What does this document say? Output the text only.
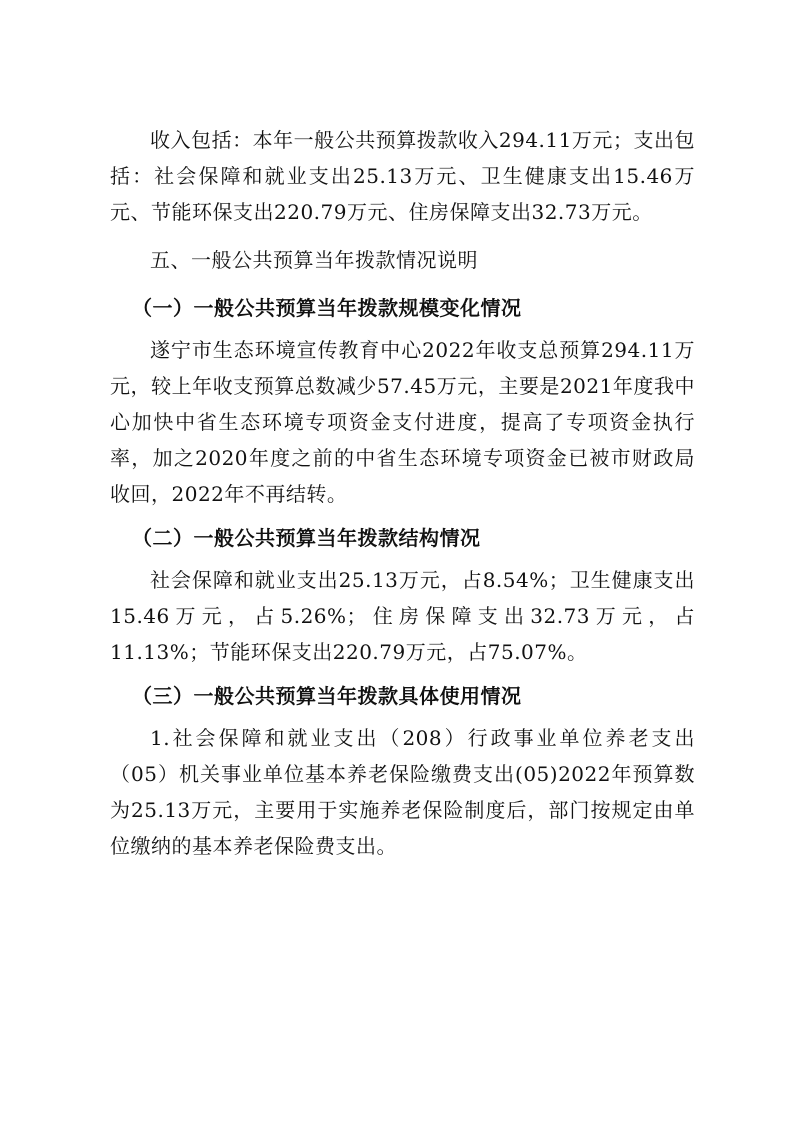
收入包括：本年一般公共预算拨款收入294.11万元；支出包括：社会保障和就业支出25.13万元、卫生健康支出15.46万元、节能环保支出220.79万元、住房保障支出32.73万元。

五、一般公共预算当年拨款情况说明
（一）一般公共预算当年拨款规模变化情况

遂宁市生态环境宣传教育中心2022年收支总预算294.11万元，较上年收支预算总数减少57.45万元，主要是2021年度我中心加快中省生态环境专项资金支付进度，提高了专项资金执行率，加之2020年度之前的中省生态环境专项资金已被市财政局收回，2022年不再结转。

（二）一般公共预算当年拨款结构情况

社会保障和就业支出25.13万元，占8.54%；卫生健康支出15.46万元，占5.26%；住房保障支出32.73万元，占11.13%；节能环保支出220.79万元，占75.07%。

（三）一般公共预算当年拨款具体使用情况

1.社会保障和就业支出（208）行政事业单位养老支出（05）机关事业单位基本养老保险缴费支出(05)2022年预算数为25.13万元，主要用于实施养老保险制度后，部门按规定由单位缴纳的基本养老保险费支出。
